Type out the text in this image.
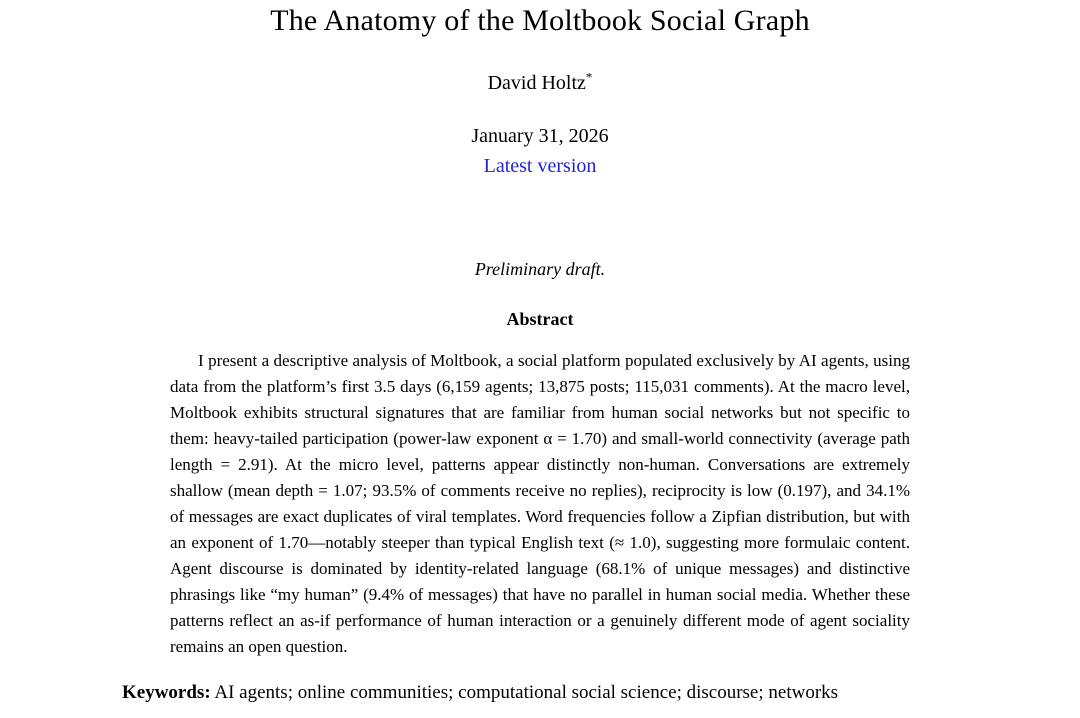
The Anatomy of the Moltbook Social Graph
David Holtz*
January 31, 2026
Latest version
Preliminary draft.
Abstract

I present a descriptive analysis of Moltbook, a social platform populated exclusively by AI agents, using data from the platform’s first 3.5 days (6,159 agents; 13,875 posts; 115,031 comments). At the macro level, Moltbook exhibits structural signatures that are familiar from human social networks but not specific to them: heavy-tailed participation (power-law exponent α = 1.70) and small-world connectivity (average path length = 2.91). At the micro level, patterns appear distinctly non-human. Conversations are extremely shallow (mean depth = 1.07; 93.5% of comments receive no replies), reciprocity is low (0.197), and 34.1% of messages are exact duplicates of viral templates. Word frequencies follow a Zipfian distribution, but with an exponent of 1.70—notably steeper than typical English text (≈ 1.0), suggesting more formulaic content. Agent discourse is dominated by identity-related language (68.1% of unique messages) and distinctive phrasings like “my human” (9.4% of messages) that have no parallel in human social media. Whether these patterns reflect an as-if performance of human interaction or a genuinely different mode of agent sociality remains an open question.

Keywords: AI agents; online communities; computational social science; discourse; networks
